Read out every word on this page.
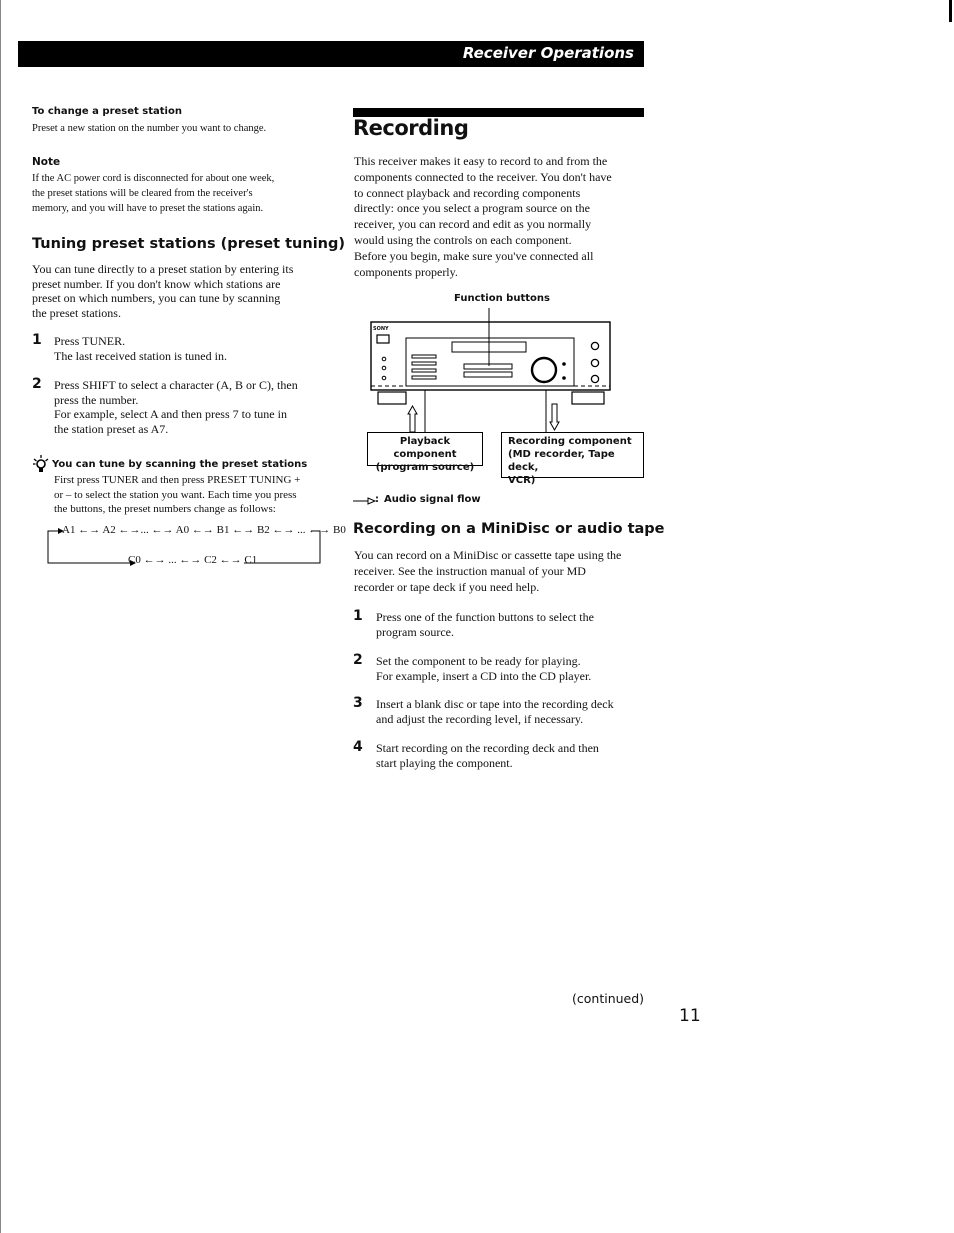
Receiver Operations
To change a preset station
Preset a new station on the number you want to change.
Note
If the AC power cord is disconnected for about one week,
the preset stations will be cleared from the receiver's
memory, and you will have to preset the stations again.
Tuning preset stations (preset tuning)
You can tune directly to a preset station by entering its
preset number. If you don't know which stations are
preset on which numbers, you can tune by scanning
the preset stations.
1 Press TUNER.
The last received station is tuned in.
2 Press SHIFT to select a character (A, B or C), then
press the number.
For example, select A and then press 7 to tune in
the station preset as A7.
You can tune by scanning the preset stations
First press TUNER and then press PRESET TUNING +
or – to select the station you want. Each time you press
the buttons, the preset numbers change as follows:
A1 ←→ A2 ←→... ←→ A0 ←→ B1 ←→ B2 ←→ ... ←→ B0
C0 ←→ ... ←→ C2 ←→ C1
Recording
This receiver makes it easy to record to and from the
components connected to the receiver. You don't have
to connect playback and recording components
directly: once you select a program source on the
receiver, you can record and edit as you normally
would using the controls on each component.
Before you begin, make sure you've connected all
components properly.
Function buttons
SONY
Playback component
(program source)
Recording component
(MD recorder, Tape deck,
VCR)
: Audio signal flow
Recording on a MiniDisc or audio tape
You can record on a MiniDisc or cassette tape using the
receiver. See the instruction manual of your MD
recorder or tape deck if you need help.
1 Press one of the function buttons to select the
program source.
2 Set the component to be ready for playing.
For example, insert a CD into the CD player.
3 Insert a blank disc or tape into the recording deck
and adjust the recording level, if necessary.
4 Start recording on the recording deck and then
start playing the component.
(continued)
11
